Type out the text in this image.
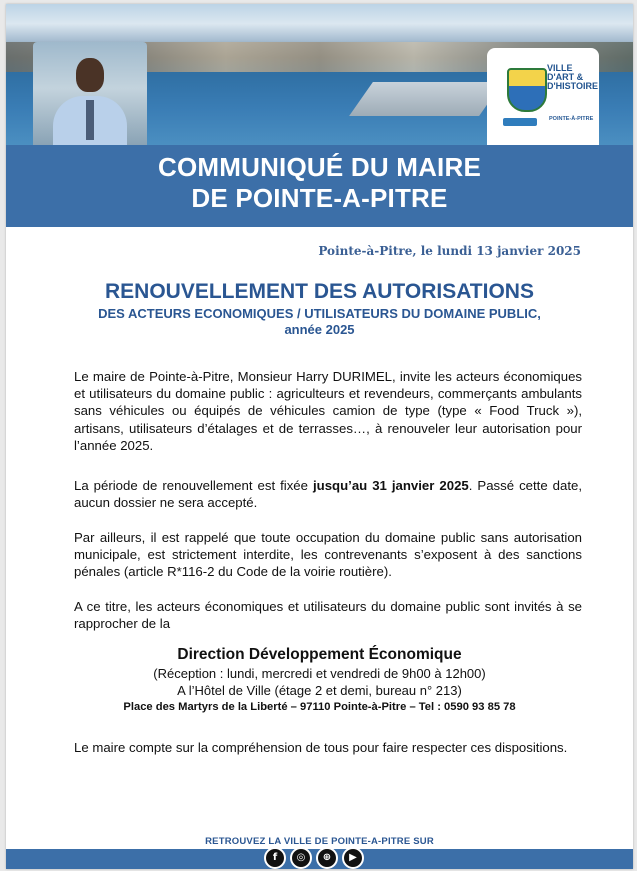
VILLE
D'ART &
D'HISTOIRE
POINTE-À-PITRE
COMMUNIQUÉ DU MAIRE
DE POINTE-A-PITRE
Pointe-à-Pitre, le lundi 13 janvier 2025
RENOUVELLEMENT DES AUTORISATIONS
DES ACTEURS ECONOMIQUES / UTILISATEURS DU DOMAINE PUBLIC,
année 2025
Le maire de Pointe-à-Pitre, Monsieur Harry DURIMEL, invite les acteurs économiques et utilisateurs du domaine public : agriculteurs et revendeurs, commerçants ambulants sans véhicules ou équipés de véhicules camion de type (type « Food Truck »), artisans, utilisateurs d’étalages et de terrasses…, à renouveler leur autorisation pour l’année 2025.
La période de renouvellement est fixée jusqu’au 31 janvier 2025. Passé cette date, aucun dossier ne sera accepté.
Par ailleurs, il est rappelé que toute occupation du domaine public sans autorisation municipale, est strictement interdite, les contrevenants s’exposent à des sanctions pénales (article R*116-2 du Code de la voirie routière).
A ce titre, les acteurs économiques et utilisateurs du domaine public sont invités à se rapprocher de la
Direction Développement Économique
(Réception : lundi, mercredi et vendredi de 9h00 à 12h00)
A l’Hôtel de Ville (étage 2 et demi, bureau n° 213)
Place des Martyrs de la Liberté – 97110 Pointe-à-Pitre – Tel : 0590 93 85 78
Le maire compte sur la compréhension de tous pour faire respecter ces dispositions.
RETROUVEZ LA VILLE DE POINTE-A-PITRE SUR
f	◎	⊕	▶
